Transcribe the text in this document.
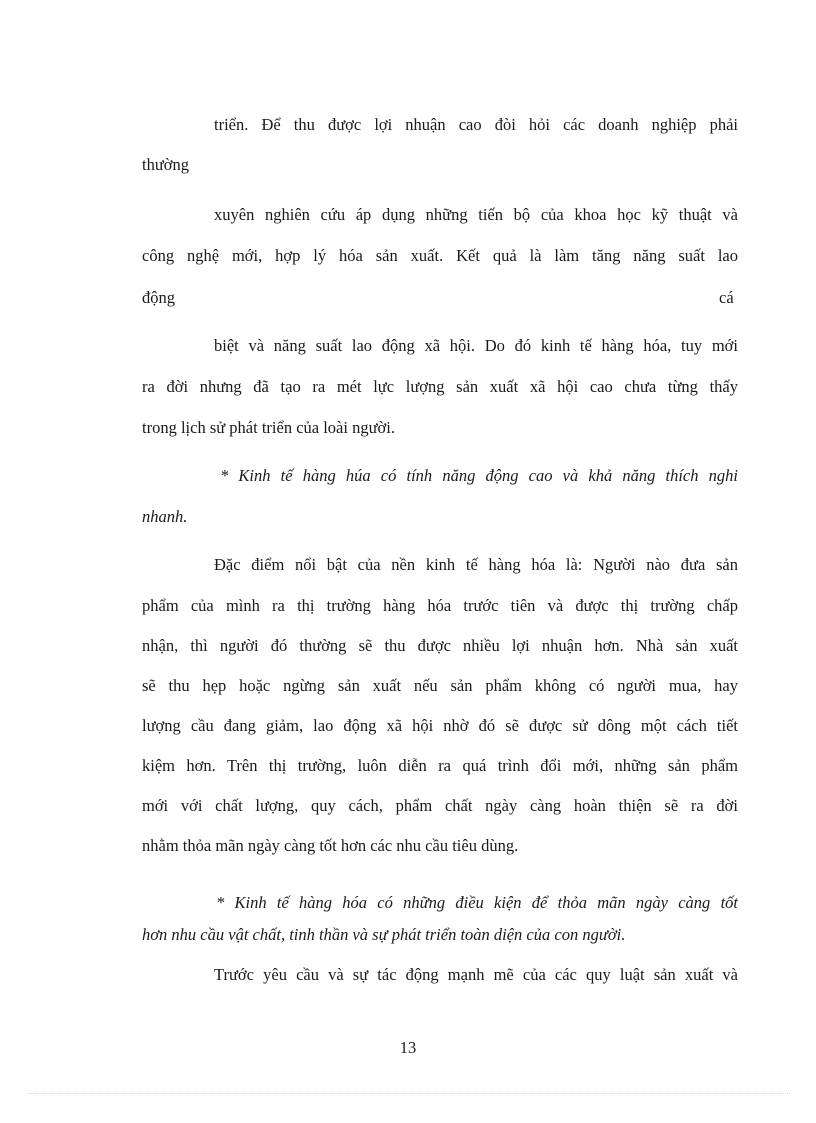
triển. Để thu được lợi nhuận cao đòi hỏi các doanh nghiệp phải
thường
xuyên nghiên cứu áp dụng những tiến bộ của khoa học kỹ thuật và
công nghệ mới, hợp lý hóa sản xuất. Kết quả là làm tăng năng suất lao
động	cá
biệt và năng suất lao động xã hội. Do đó kinh tế hàng hóa, tuy mới
ra đời nhưng đã tạo ra mét lực lượng sản xuất xã hội cao chưa từng thấy
trong lịch sử phát triển của loài người.
* Kinh tế hàng húa có tính năng động cao và khả năng thích nghi
nhanh.
Đặc điểm nổi bật của nền kinh tế hàng hóa là: Người nào đưa sản
phẩm của mình ra thị trường hàng hóa trước tiên và được thị trường chấp
nhận, thì người đó thường sẽ thu được nhiều lợi nhuận hơn. Nhà sản xuất
sẽ thu hẹp hoặc ngừng sản xuất nếu sản phẩm không có người mua, hay
lượng cầu đang giảm, lao động xã hội nhờ đó sẽ được sử dông một cách tiết
kiệm hơn. Trên thị trường, luôn diễn ra quá trình đổi mới, những sản phẩm
mới với chất lượng, quy cách, phẩm chất ngày càng hoàn thiện sẽ ra đời
nhằm thỏa mãn ngày càng tốt hơn các nhu cầu tiêu dùng.
* Kinh tế hàng hóa có những điều kiện để thỏa mãn ngày càng tốt
hơn nhu cầu vật chất, tinh thần và sự phát triển toàn diện của con người.
Trước yêu cầu và sự tác động mạnh mẽ của các quy luật sản xuất và
13
